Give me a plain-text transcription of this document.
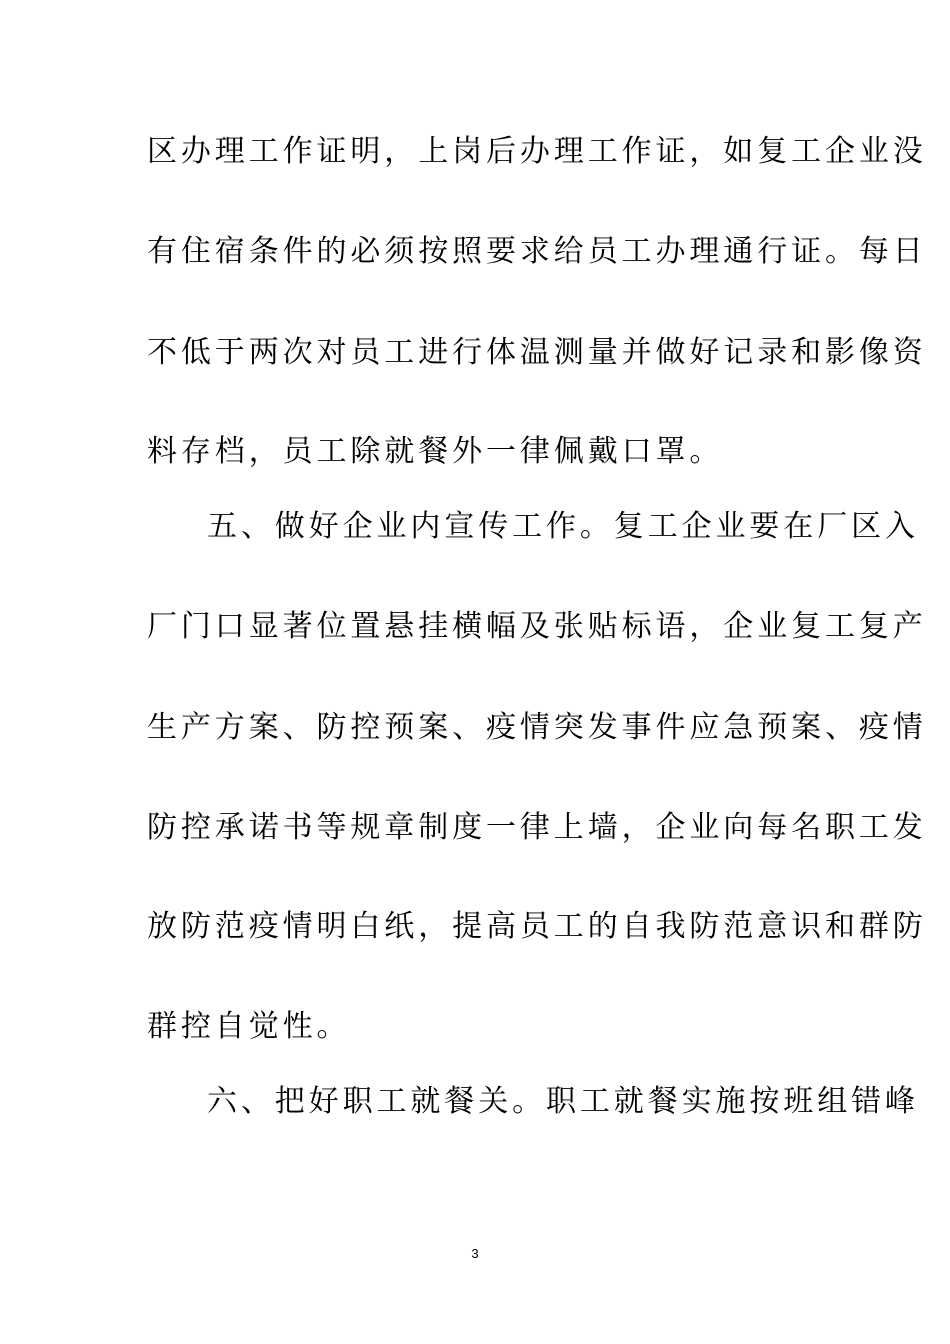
区办理工作证明，上岗后办理工作证，如复工企业没
有住宿条件的必须按照要求给员工办理通行证。每日
不低于两次对员工进行体温测量并做好记录和影像资
料存档，员工除就餐外一律佩戴口罩。
五、做好企业内宣传工作。复工企业要在厂区入
厂门口显著位置悬挂横幅及张贴标语，企业复工复产
生产方案、防控预案、疫情突发事件应急预案、疫情
防控承诺书等规章制度一律上墙，企业向每名职工发
放防范疫情明白纸，提高员工的自我防范意识和群防
群控自觉性。
六、把好职工就餐关。职工就餐实施按班组错峰
3
